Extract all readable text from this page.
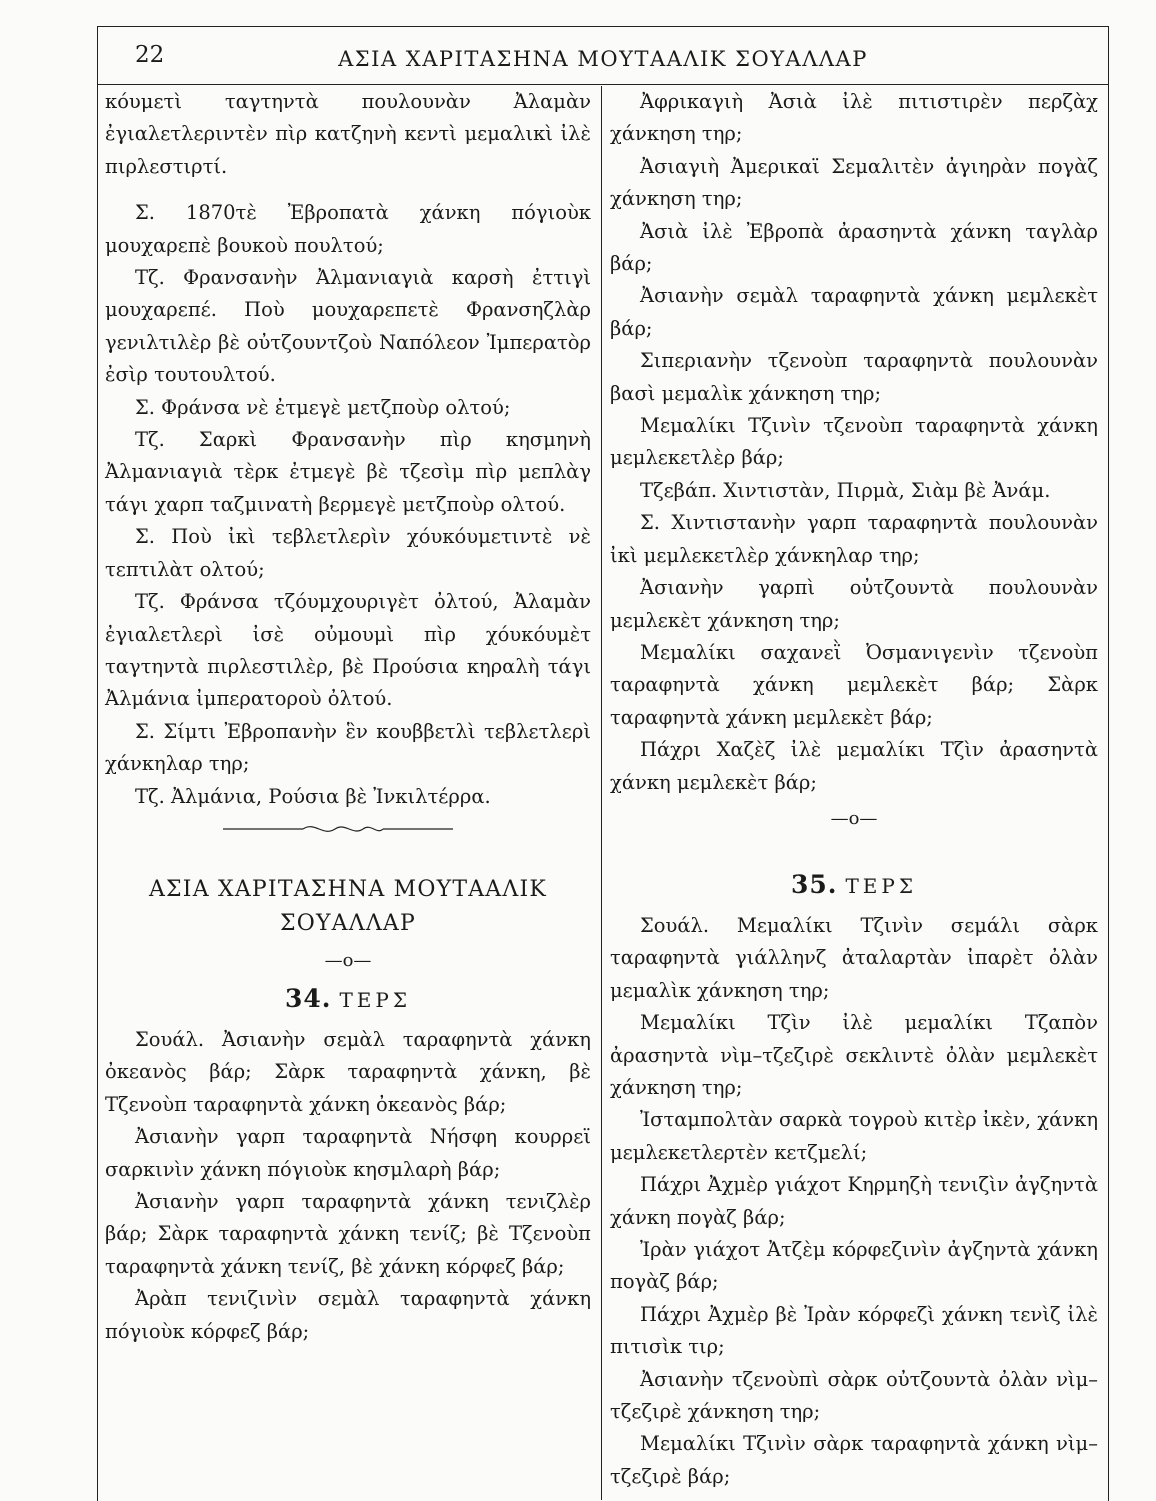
22	ΑΣΙΑ ΧΑΡΙΤΑΣΗΝΑ ΜΟΥΤΑΑΛΙΚ ΣΟΥΑΛΛΑΡ

κόυμετὶ ταγτηντὰ πουλουνὰν Ἀλαμὰν ἐγιαλετλεριντὲν πὶρ κατζηνὴ κεντὶ μεμαλικὶ ἰλὲ πιρλεστιρτί.

Σ. 1870τὲ Ἐβροπατὰ χάνκη πόγιοὺκ μουχαρεπὲ βουκοὺ πουλτού;

Τζ. Φρανσανὴν Ἀλμανιαγιὰ καρσὴ ἐττιγὶ μουχαρεπέ. Ποὺ μουχαρεπετὲ Φρανσηζλὰρ γενιλτιλὲρ βὲ οὐτζουντζοὺ Ναπόλεον Ἰμπερατὸρ ἐσὶρ τουτουλτού.

Σ. Φράνσα νὲ ἐτμεγὲ μετζποὺρ ολτού;

Τζ. Σαρκὶ Φρανσανὴν πὶρ κησμηνὴ Ἀλμανιαγιὰ τὲρκ ἐτμεγὲ βὲ τζεσὶμ πὶρ μεπλὰγ τάγι χαρπ ταζμινατὴ βερμεγὲ μετζποὺρ ολτού.

Σ. Ποὺ ἰκὶ τεβλετλερὶν χόυκόυμετιντὲ νὲ τεπτιλὰτ ολτού;

Τζ. Φράνσα τζόυμχουριγὲτ ὀλτού, Ἀλαμὰν ἐγιαλετλερὶ ἰσὲ οὐμουμὶ πὶρ χόυκόυμὲτ ταγτηντὰ πιρλεστιλὲρ, βὲ Προύσια κηραλὴ τάγι Ἀλμάνια ἰμπερατοροὺ ὀλτού.

Σ. Σίμτι Ἐβροπανὴν ἓν κουββετλὶ τεβλετλερὶ χάνκηλαρ τηρ;

Τζ. Ἀλμάνια, Ρούσια βὲ Ἰνκιλτέρρα.

ΑΣΙΑ ΧΑΡΙΤΑΣΗΝΑ ΜΟΥΤΑΑΛΙΚ ΣΟΥΑΛΛΑΡ
—ο—
34. ΤΕΡΣ

Σουάλ. Ἀσιανὴν σεμὰλ ταραφηντὰ χάνκη ὀκεανὸς βάρ; Σὰρκ ταραφηντὰ χάνκη, βὲ Τζενοὺπ ταραφηντὰ χάνκη ὀκεανὸς βάρ;

Ἀσιανὴν γαρπ ταραφηντὰ Νήσφη κουρρεϊ σαρκινὶν χάνκη πόγιοὺκ κησμλαρὴ βάρ;

Ἀσιανὴν γαρπ ταραφηντὰ χάνκη τενιζλὲρ βάρ; Σὰρκ ταραφηντὰ χάνκη τενίζ; βὲ Τζενοὺπ ταραφηντὰ χάνκη τενίζ, βὲ χάνκη κόρφεζ βάρ;

Ἀρὰπ τενιζινὶν σεμὰλ ταραφηντὰ χάνκη πόγιοὺκ κόρφεζ βάρ;

Ἀφρικαγιὴ Ἀσιὰ ἰλὲ πιτιστιρὲν περζὰχ χάνκηση τηρ;

Ἀσιαγιὴ Ἀμερικαϊ Σεμαλιτὲν ἀγιηρὰν πογὰζ χάνκηση τηρ;

Ἀσιὰ ἰλὲ Ἐβροπὰ ἀρασηντὰ χάνκη ταγλὰρ βάρ;

Ἀσιανὴν σεμὰλ ταραφηντὰ χάνκη μεμλεκὲτ βάρ;

Σιπεριανὴν τζενοὺπ ταραφηντὰ πουλουνὰν βασὶ μεμαλὶκ χάνκηση τηρ;

Μεμαλίκι Τζινὶν τζενοὺπ ταραφηντὰ χάνκη μεμλεκετλὲρ βάρ;

Τζεβάπ. Χιντιστὰν, Πιρμὰ, Σιὰμ βὲ Ἀνάμ.

Σ. Χιντιστανὴν γαρπ ταραφηντὰ πουλουνὰν ἰκὶ μεμλεκετλὲρ χάνκηλαρ τηρ;

Ἀσιανὴν γαρπὶ οὐτζουντὰ πουλουνὰν μεμλεκὲτ χάνκηση τηρ;

Μεμαλίκι σαχανεῒ Ὀσμανιγενὶν τζενοὺπ ταραφηντὰ χάνκη μεμλεκὲτ βάρ; Σὰρκ ταραφηντὰ χάνκη μεμλεκὲτ βάρ;

Πάχρι Χαζὲζ ἰλὲ μεμαλίκι Τζὶν ἀρασηντὰ χάνκη μεμλεκὲτ βάρ;

—ο—
35. ΤΕΡΣ

Σουάλ. Μεμαλίκι Τζινὶν σεμάλι σὰρκ ταραφηντὰ γιάλληνζ ἀταλαρτὰν ἰπαρὲτ ὀλὰν μεμαλὶκ χάνκηση τηρ;

Μεμαλίκι Τζὶν ἰλὲ μεμαλίκι Τζαπὸν ἀρασηντὰ νὶμ–τζεζιρὲ σεκλιντὲ ὀλὰν μεμλεκὲτ χάνκηση τηρ;

Ἰσταμπολτὰν σαρκὰ τογροὺ κιτὲρ ἰκὲν, χάνκη μεμλεκετλερτὲν κετζμελί;

Πάχρι Ἀχμὲρ γιάχοτ Κηρμηζὴ τενιζὶν ἀγζηντὰ χάνκη πογὰζ βάρ;

Ἰρὰν γιάχοτ Ἀτζὲμ κόρφεζινὶν ἀγζηντὰ χάνκη πογὰζ βάρ;

Πάχρι Ἀχμὲρ βὲ Ἰρὰν κόρφεζὶ χάνκη τενὶζ ἰλὲ πιτισὶκ τιρ;

Ἀσιανὴν τζενοὺπὶ σὰρκ οὐτζουντὰ ὀλὰν νὶμ–τζεζιρὲ χάνκηση τηρ;

Μεμαλίκι Τζινὶν σὰρκ ταραφηντὰ χάνκη νὶμ–τζεζιρὲ βάρ;
